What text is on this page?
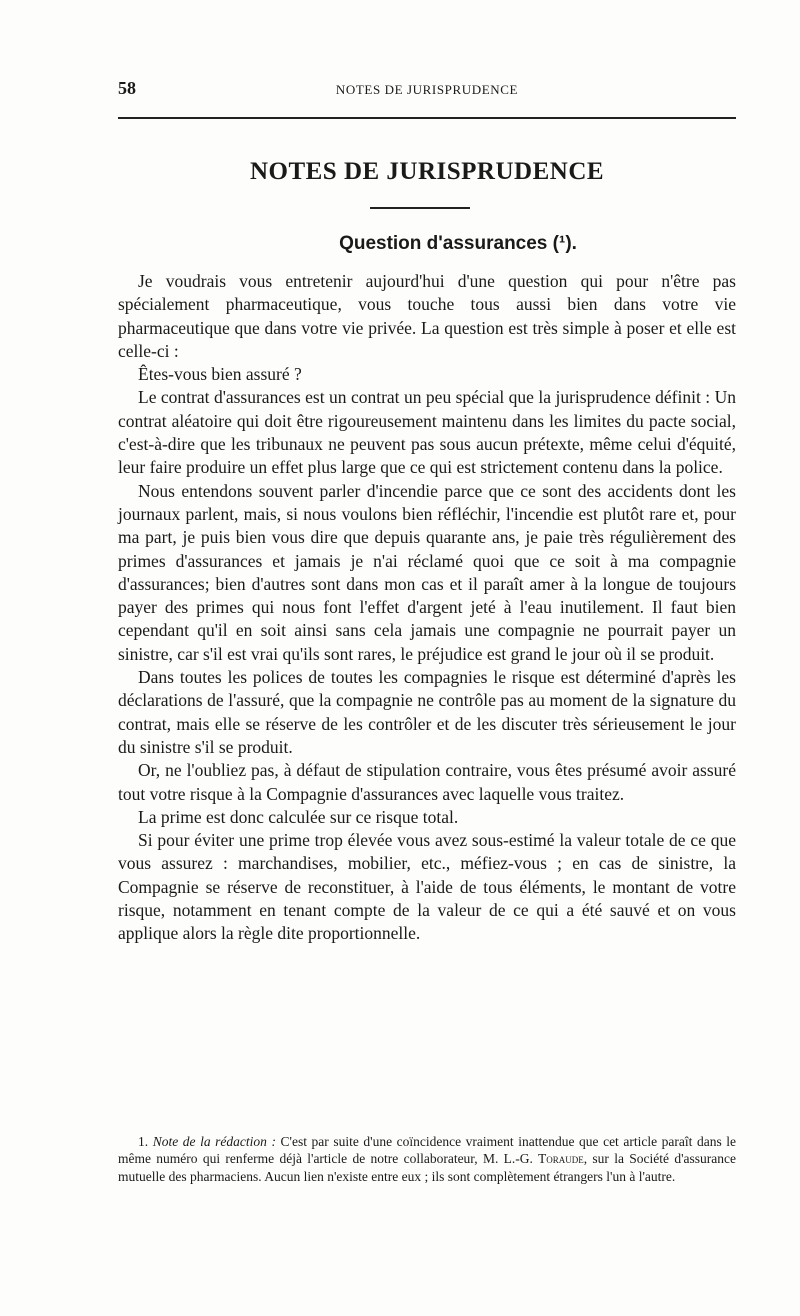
58	NOTES DE JURISPRUDENCE
NOTES DE JURISPRUDENCE
Question d'assurances (¹).

Je voudrais vous entretenir aujourd'hui d'une question qui pour n'être pas spécialement pharmaceutique, vous touche tous aussi bien dans votre vie pharmaceutique que dans votre vie privée. La question est très simple à poser et elle est celle-ci :

Êtes-vous bien assuré ?

Le contrat d'assurances est un contrat un peu spécial que la jurisprudence définit : Un contrat aléatoire qui doit être rigoureusement maintenu dans les limites du pacte social, c'est-à-dire que les tribunaux ne peuvent pas sous aucun prétexte, même celui d'équité, leur faire produire un effet plus large que ce qui est strictement contenu dans la police.

Nous entendons souvent parler d'incendie parce que ce sont des accidents dont les journaux parlent, mais, si nous voulons bien réfléchir, l'incendie est plutôt rare et, pour ma part, je puis bien vous dire que depuis quarante ans, je paie très régulièrement des primes d'assurances et jamais je n'ai réclamé quoi que ce soit à ma compagnie d'assurances; bien d'autres sont dans mon cas et il paraît amer à la longue de toujours payer des primes qui nous font l'effet d'argent jeté à l'eau inutilement. Il faut bien cependant qu'il en soit ainsi sans cela jamais une compagnie ne pourrait payer un sinistre, car s'il est vrai qu'ils sont rares, le préjudice est grand le jour où il se produit.

Dans toutes les polices de toutes les compagnies le risque est déterminé d'après les déclarations de l'assuré, que la compagnie ne contrôle pas au moment de la signature du contrat, mais elle se réserve de les contrôler et de les discuter très sérieusement le jour du sinistre s'il se produit.

Or, ne l'oubliez pas, à défaut de stipulation contraire, vous êtes présumé avoir assuré tout votre risque à la Compagnie d'assurances avec laquelle vous traitez.

La prime est donc calculée sur ce risque total.

Si pour éviter une prime trop élevée vous avez sous-estimé la valeur totale de ce que vous assurez : marchandises, mobilier, etc., méfiez-vous ; en cas de sinistre, la Compagnie se réserve de reconstituer, à l'aide de tous éléments, le montant de votre risque, notamment en tenant compte de la valeur de ce qui a été sauvé et on vous applique alors la règle dite proportionnelle.

1. Note de la rédaction : C'est par suite d'une coïncidence vraiment inattendue que cet article paraît dans le même numéro qui renferme déjà l'article de notre collaborateur, M. L.-G. Toraude, sur la Société d'assurance mutuelle des pharmaciens. Aucun lien n'existe entre eux ; ils sont complètement étrangers l'un à l'autre.
